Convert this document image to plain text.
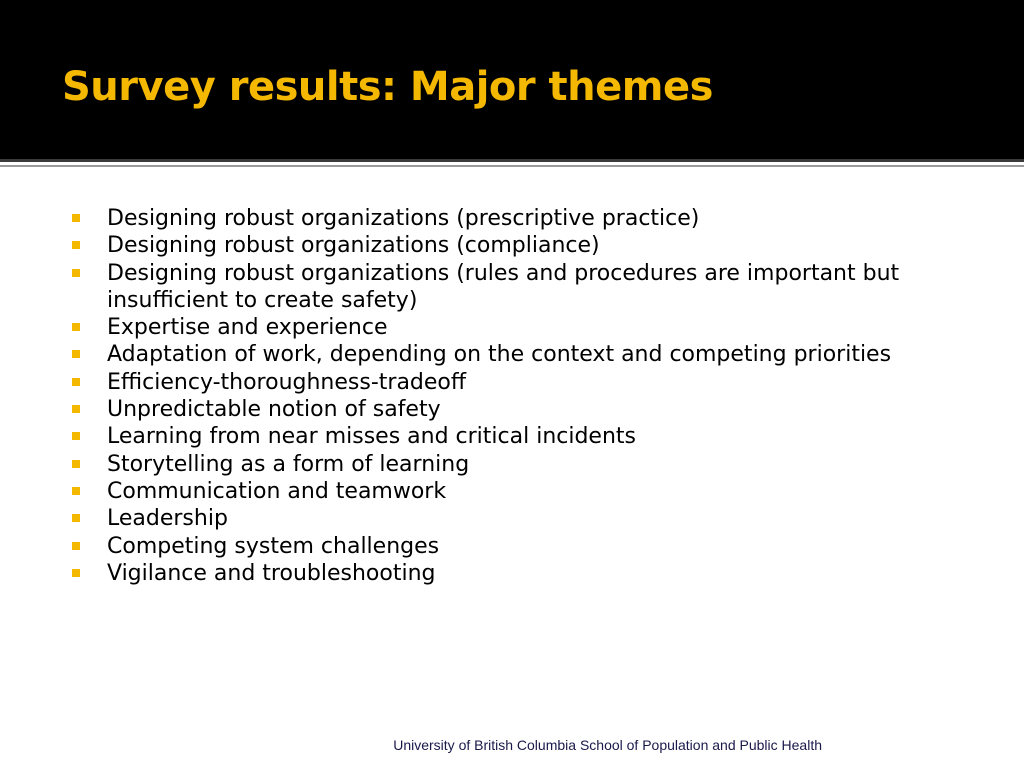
Survey results: Major themes
Designing robust organizations (prescriptive practice)
Designing robust organizations (compliance)
Designing robust organizations (rules and procedures are important but insufficient to create safety)
Expertise and experience
Adaptation of work, depending on the context and competing priorities
Efficiency-thoroughness-tradeoff
Unpredictable notion of safety
Learning from near misses and critical incidents
Storytelling as a form of learning
Communication and teamwork
Leadership
Competing system challenges
Vigilance and troubleshooting
University of British Columbia School of Population and Public Health
